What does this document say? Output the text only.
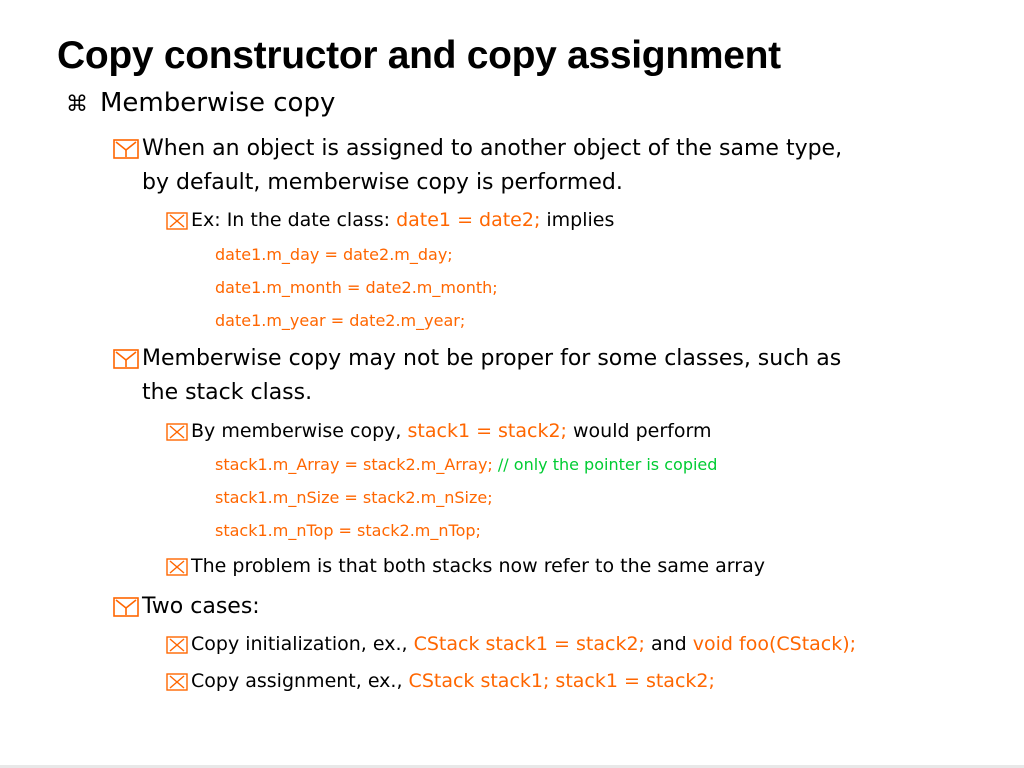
Copy constructor and copy assignment
⌘ Memberwise copy
When an object is assigned to another object of the same type,
by default, memberwise copy is performed.
Ex: In the date class: date1 = date2; implies
date1.m_day = date2.m_day;
date1.m_month = date2.m_month;
date1.m_year = date2.m_year;
Memberwise copy may not be proper for some classes, such as
the stack class.
By memberwise copy, stack1 = stack2; would perform
stack1.m_Array = stack2.m_Array; // only the pointer is copied
stack1.m_nSize = stack2.m_nSize;
stack1.m_nTop = stack2.m_nTop;
The problem is that both stacks now refer to the same array
Two cases:
Copy initialization, ex., CStack stack1 = stack2; and void foo(CStack);
Copy assignment, ex., CStack stack1; stack1 = stack2;
